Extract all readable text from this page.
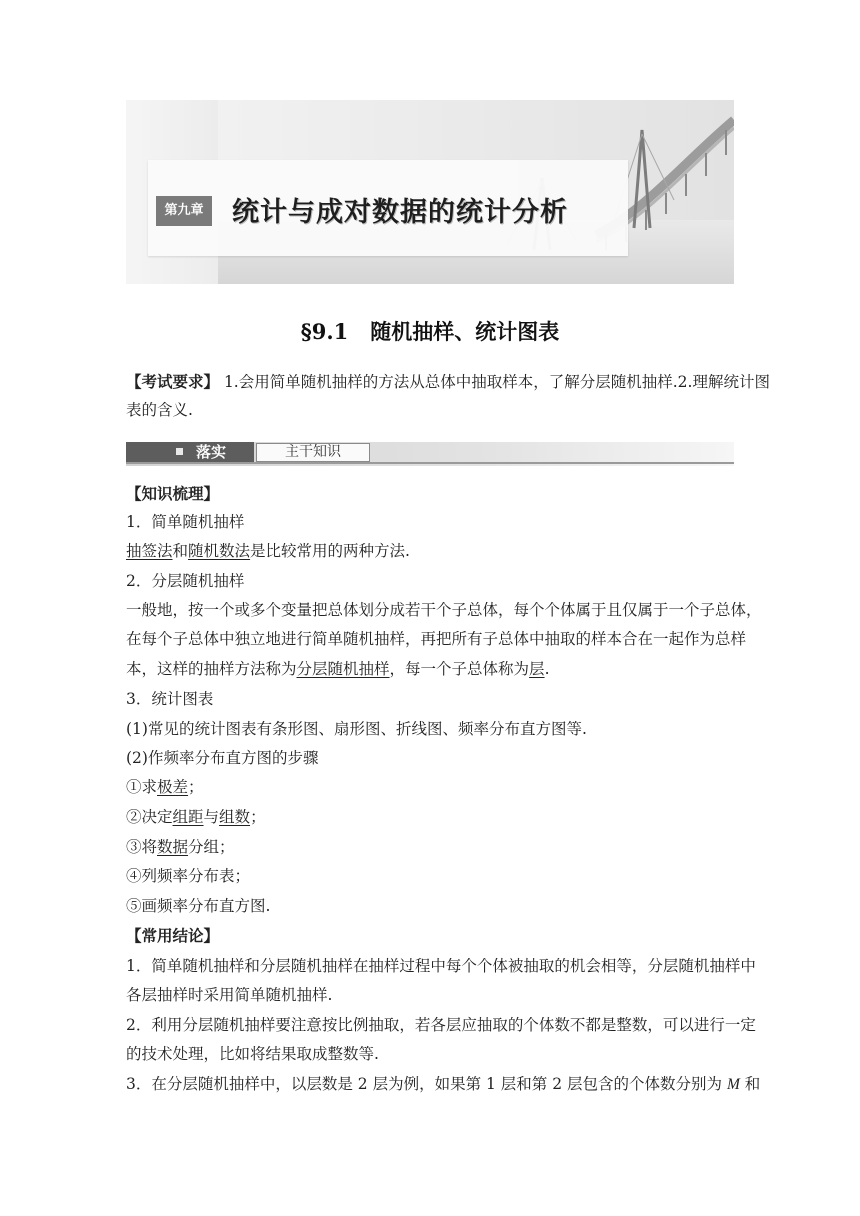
第九章	统计与成对数据的统计分析
§9.1 随机抽样、统计图表
【考试要求】 1.会用简单随机抽样的方法从总体中抽取样本，了解分层随机抽样.2.理解统计图
表的含义.
落实	主干知识
【知识梳理】
1．简单随机抽样
抽签法和随机数法是比较常用的两种方法.
2．分层随机抽样
一般地，按一个或多个变量把总体划分成若干个子总体，每个个体属于且仅属于一个子总体，
在每个子总体中独立地进行简单随机抽样，再把所有子总体中抽取的样本合在一起作为总样
本，这样的抽样方法称为分层随机抽样，每一个子总体称为层.
3．统计图表
(1)常见的统计图表有条形图、扇形图、折线图、频率分布直方图等.
(2)作频率分布直方图的步骤
①求极差；
②决定组距与组数；
③将数据分组；
④列频率分布表；
⑤画频率分布直方图.
【常用结论】
1．简单随机抽样和分层随机抽样在抽样过程中每个个体被抽取的机会相等，分层随机抽样中
各层抽样时采用简单随机抽样.
2．利用分层随机抽样要注意按比例抽取，若各层应抽取的个体数不都是整数，可以进行一定
的技术处理，比如将结果取成整数等.
3．在分层随机抽样中，以层数是 2 层为例，如果第 1 层和第 2 层包含的个体数分别为 M 和
